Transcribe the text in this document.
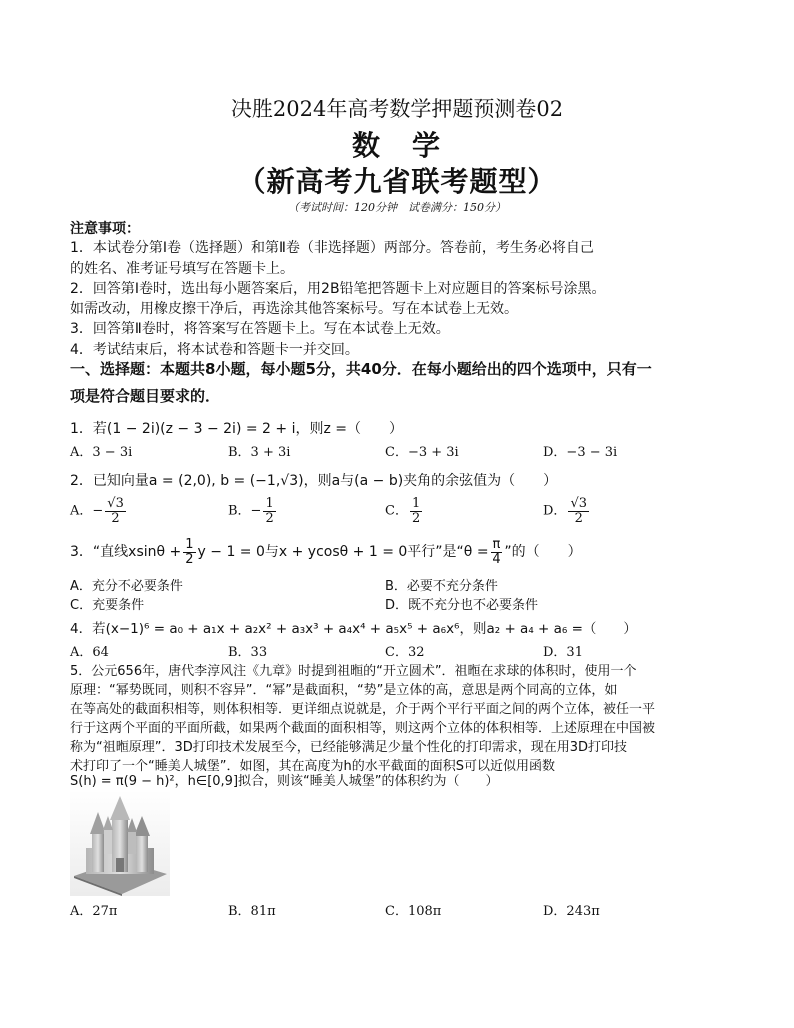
决胜2024年高考数学押题预测卷02
数　学
（新高考九省联考题型）
（考试时间：120分钟　试卷满分：150分）
注意事项：
1．本试卷分第Ⅰ卷（选择题）和第Ⅱ卷（非选择题）两部分。答卷前，考生务必将自己
的姓名、准考证号填写在答题卡上。
2．回答第Ⅰ卷时，选出每小题答案后，用2B铅笔把答题卡上对应题目的答案标号涂黑。
如需改动，用橡皮擦干净后，再选涂其他答案标号。写在本试卷上无效。
3．回答第Ⅱ卷时，将答案写在答题卡上。写在本试卷上无效。
4．考试结束后，将本试卷和答题卡一并交回。
一、选择题：本题共8小题，每小题5分，共40分．在每小题给出的四个选项中，只有一
项是符合题目要求的．
1．若(1 − 2i)(z − 3 − 2i) = 2 + i，则z =（　　）
A．3 − 3i	B．3 + 3i	C．−3 + 3i	D．−3 − 3i
2．已知向量a = (2,0), b = (−1,√3)，则a与(a − b)夹角的余弦值为（　　）
A．− $\frac{√3}{2}$	B．− $\frac{1}{2}$	C． $\frac{1}{2}$	D． $\frac{√3}{2}$
3．“直线$xsin\theta + \frac{1}{2}$ y − 1 = 0与x + ycosθ + 1 = 0平行”是“$\theta = \frac{\pi}{4}$ ”的（　　）
A．充分不必要条件	B．必要不充分条件
C．充要条件	D．既不充分也不必要条件
4．若(x−1)⁶ = a₀ + a₁x + a₂x² + a₃x³ + a₄x⁴ + a₅x⁵ + a₆x⁶，则a₂ + a₄ + a₆ =（　　）
A．64	B．33	C．32	D．31
5．公元656年，唐代李淳风注《九章》时提到祖暅的“开立圆术”．祖暅在求球的体积时，使用一个
原理：“幂势既同，则积不容异”．“幂”是截面积，“势”是立体的高，意思是两个同高的立体，如
在等高处的截面积相等，则体积相等．更详细点说就是，介于两个平行平面之间的两个立体，被任一平
行于这两个平面的平面所截，如果两个截面的面积相等，则这两个立体的体积相等．上述原理在中国被
称为“祖暅原理”．3D打印技术发展至今，已经能够满足少量个性化的打印需求，现在用3D打印技
术打印了一个“睡美人城堡”．如图，其在高度为h的水平截面的面积S可以近似用函数
S(h) = π(9 − h)²，h∈[0,9]拟合，则该“睡美人城堡”的体积约为（　　）
A．27π	B．81π	C．108π	D．243π
